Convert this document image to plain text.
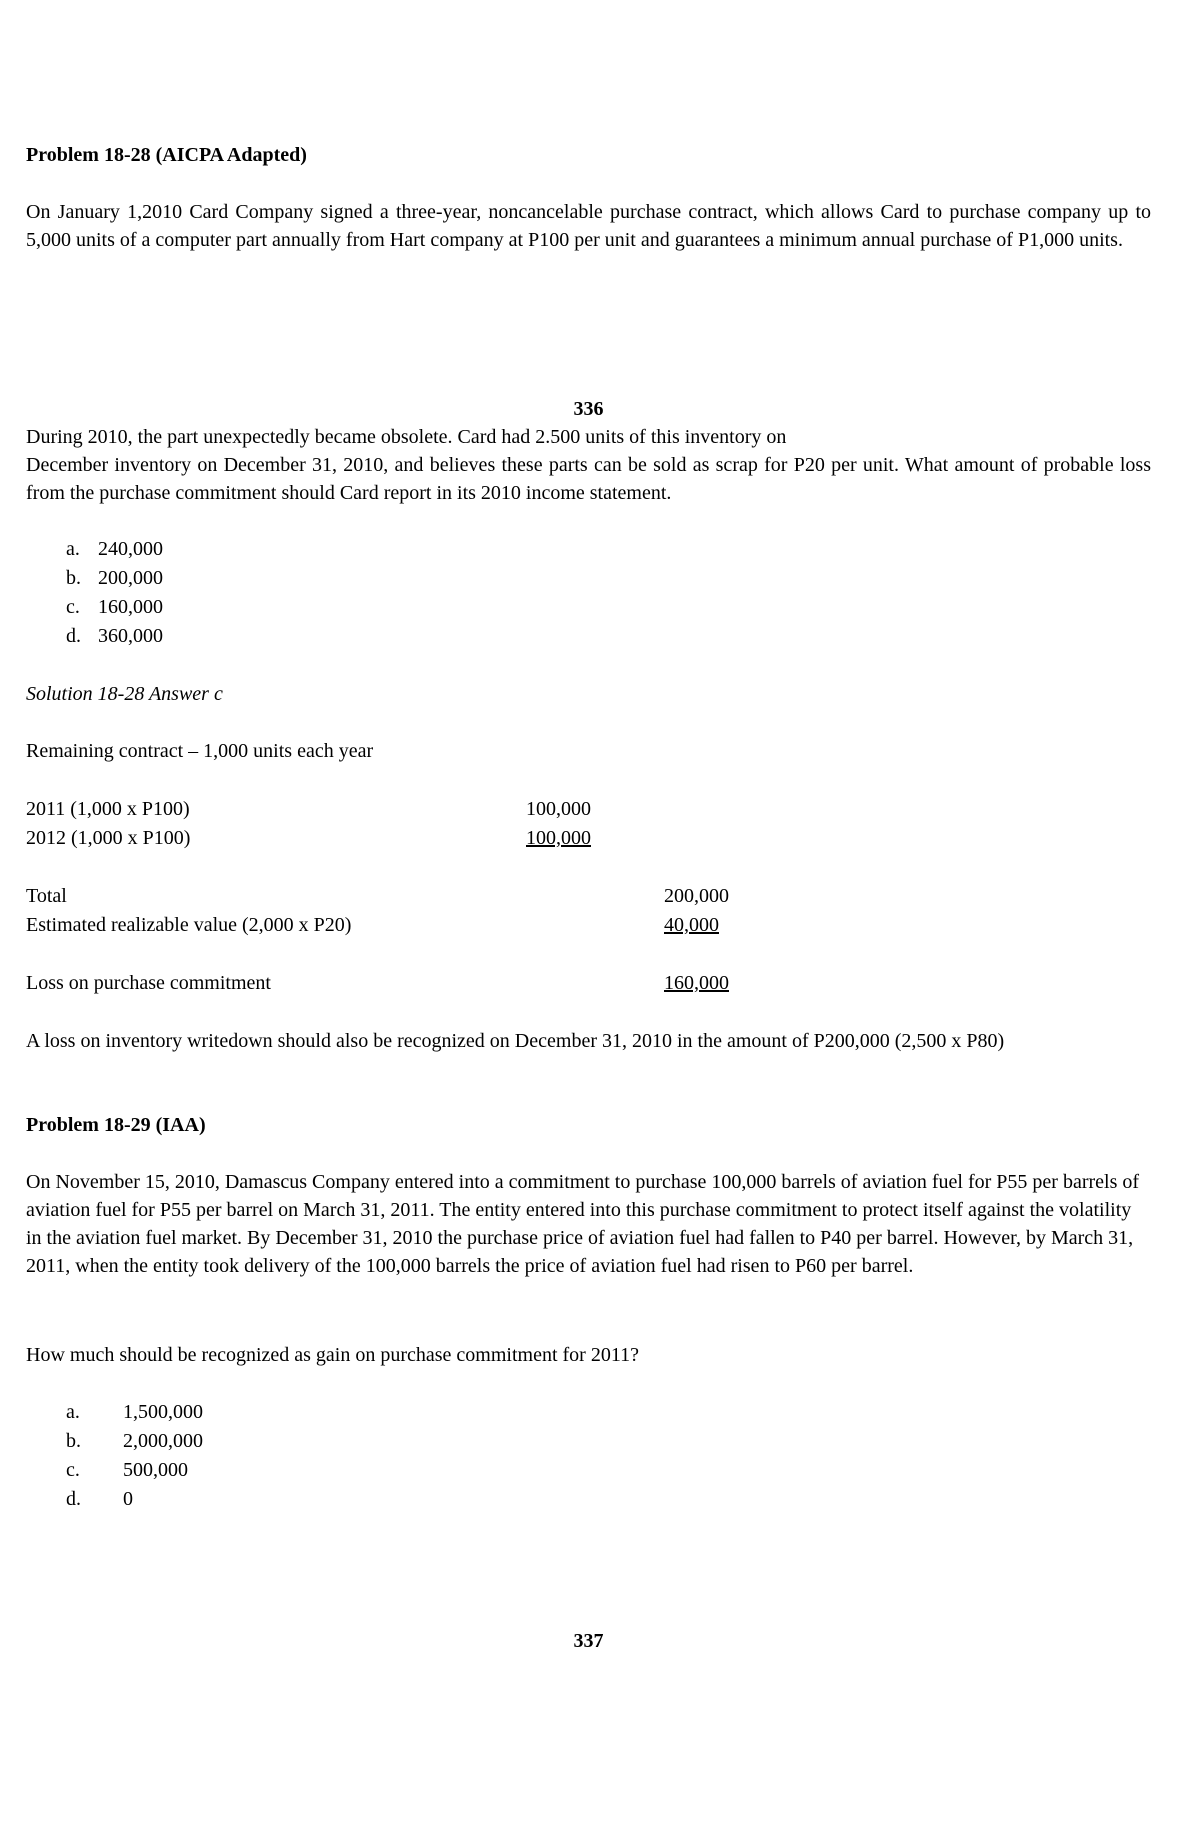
Problem 18-28 (AICPA Adapted)

On January 1,2010 Card Company signed a three-year, noncancelable purchase contract, which allows Card to purchase company up to 5,000 units of a computer part annually from Hart company at P100 per unit and guarantees a minimum annual purchase of P1,000 units.

336

During 2010, the part unexpectedly became obsolete. Card had 2.500 units of this inventory on

December inventory on December 31, 2010, and believes these parts can be sold as scrap for P20 per unit. What amount of probable loss from the purchase commitment should Card report in its 2010 income statement.

a. 240,000
b. 200,000
c. 160,000
d. 360,000

Solution 18-28 Answer c

Remaining contract – 1,000 units each year

2011 (1,000 x P100)	100,000
2012 (1,000 x P100)	100,000
Total	200,000
Estimated realizable value (2,000 x P20)	40,000
Loss on purchase commitment	160,000

A loss on inventory writedown should also be recognized on December 31, 2010 in the amount of P200,000 (2,500 x P80)

Problem 18-29 (IAA)

On November 15, 2010, Damascus Company entered into a commitment to purchase 100,000 barrels of aviation fuel for P55 per barrels of aviation fuel for P55 per barrel on March 31, 2011. The entity entered into this purchase commitment to protect itself against the volatility in the aviation fuel market. By December 31, 2010 the purchase price of aviation fuel had fallen to P40 per barrel. However, by March 31, 2011, when the entity took delivery of the 100,000 barrels the price of aviation fuel had risen to P60 per barrel.

How much should be recognized as gain on purchase commitment for 2011?

a. 1,500,000
b. 2,000,000
c. 500,000
d. 0

337
